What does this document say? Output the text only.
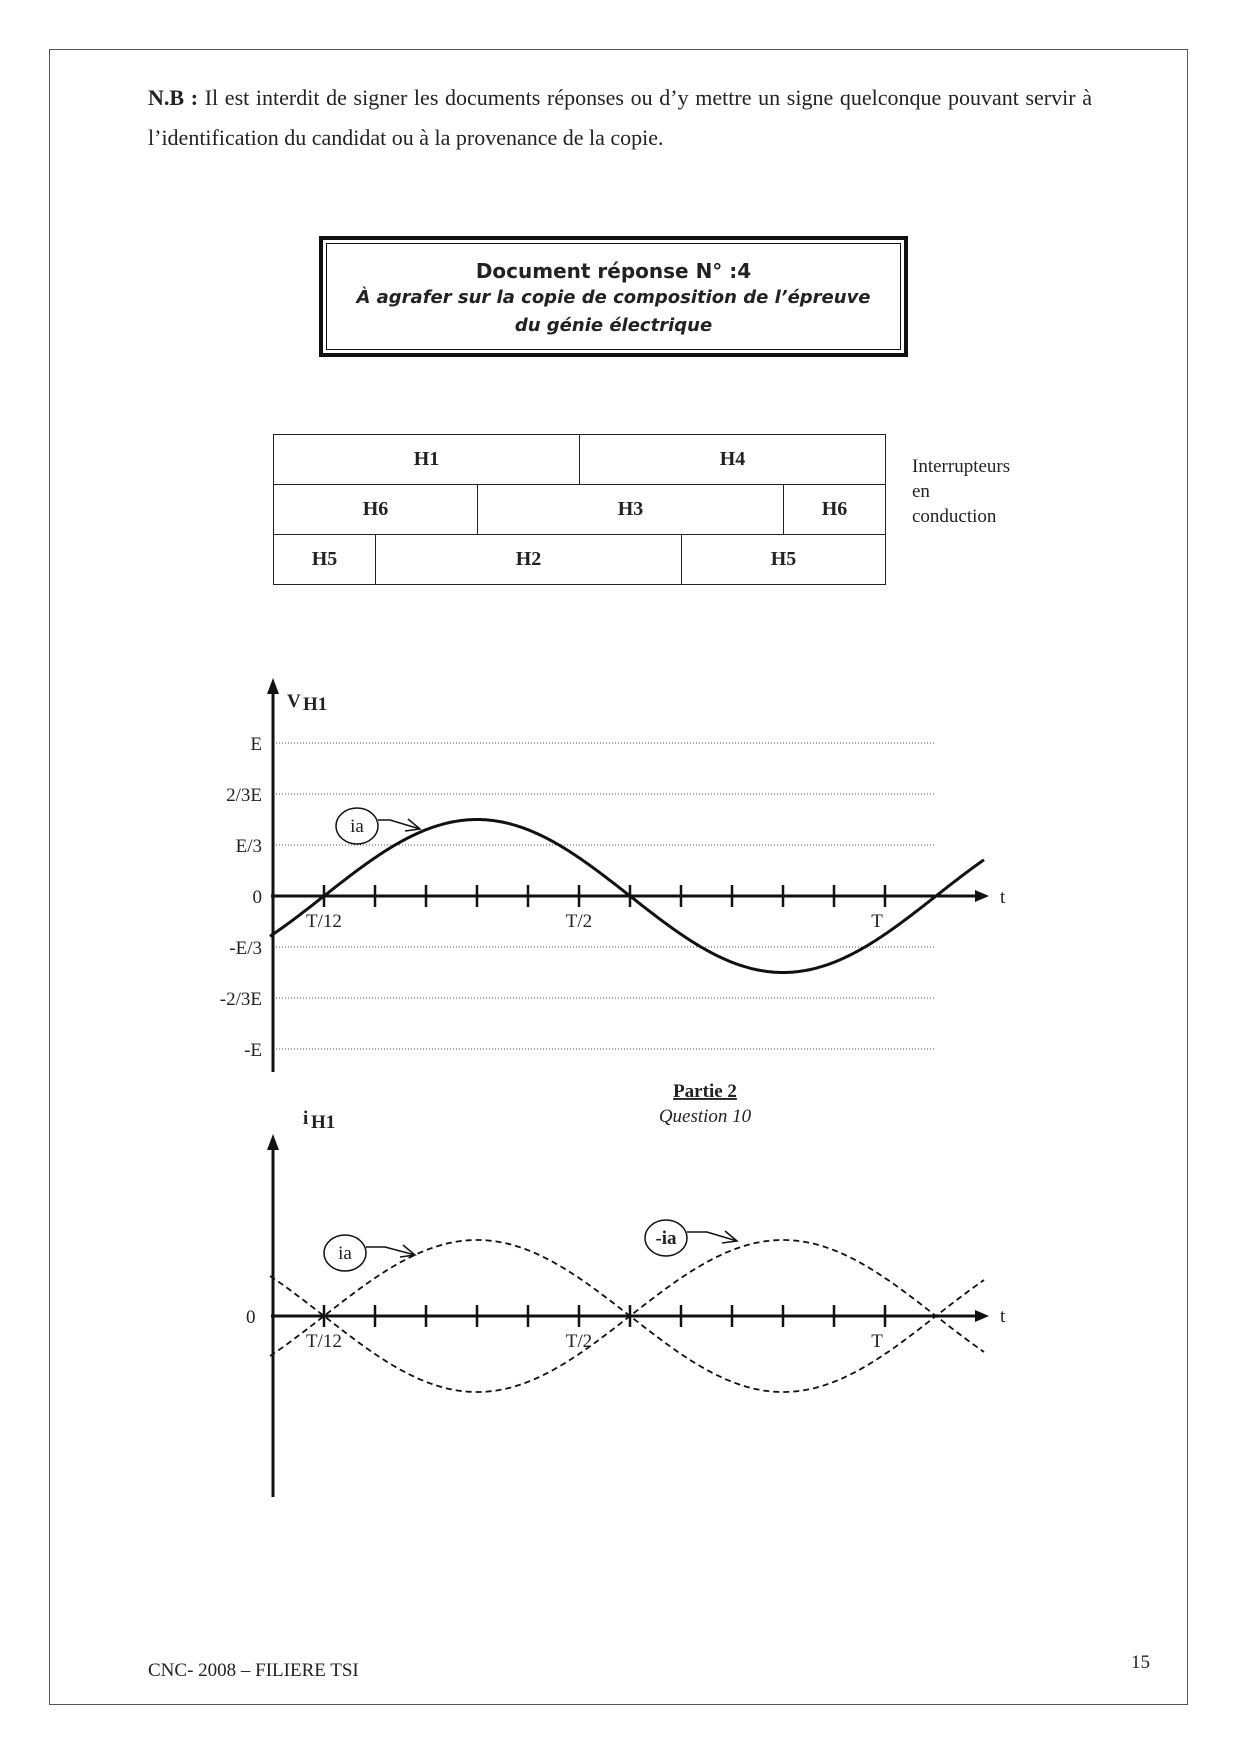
N.B : Il est interdit de signer les documents réponses ou d’y mettre un signe quelconque pouvant servir à l’identification du candidat ou à la provenance de la copie.
Document réponse N° :4
À agrafer sur la copie de composition de l’épreuve
du génie électrique
H1			H4		
H6		H3			H6
H5	H2			H5	
Interrupteurs
en
conduction
V H1
t
E
2/3E
E/3
0
-E/3
-2/3E
-E
T/12	T/2	T
ia
i H1
t
0
T/12	T/2	T
ia
-ia
Partie 2
Question 10
CNC- 2008 – FILIERE TSI	15
